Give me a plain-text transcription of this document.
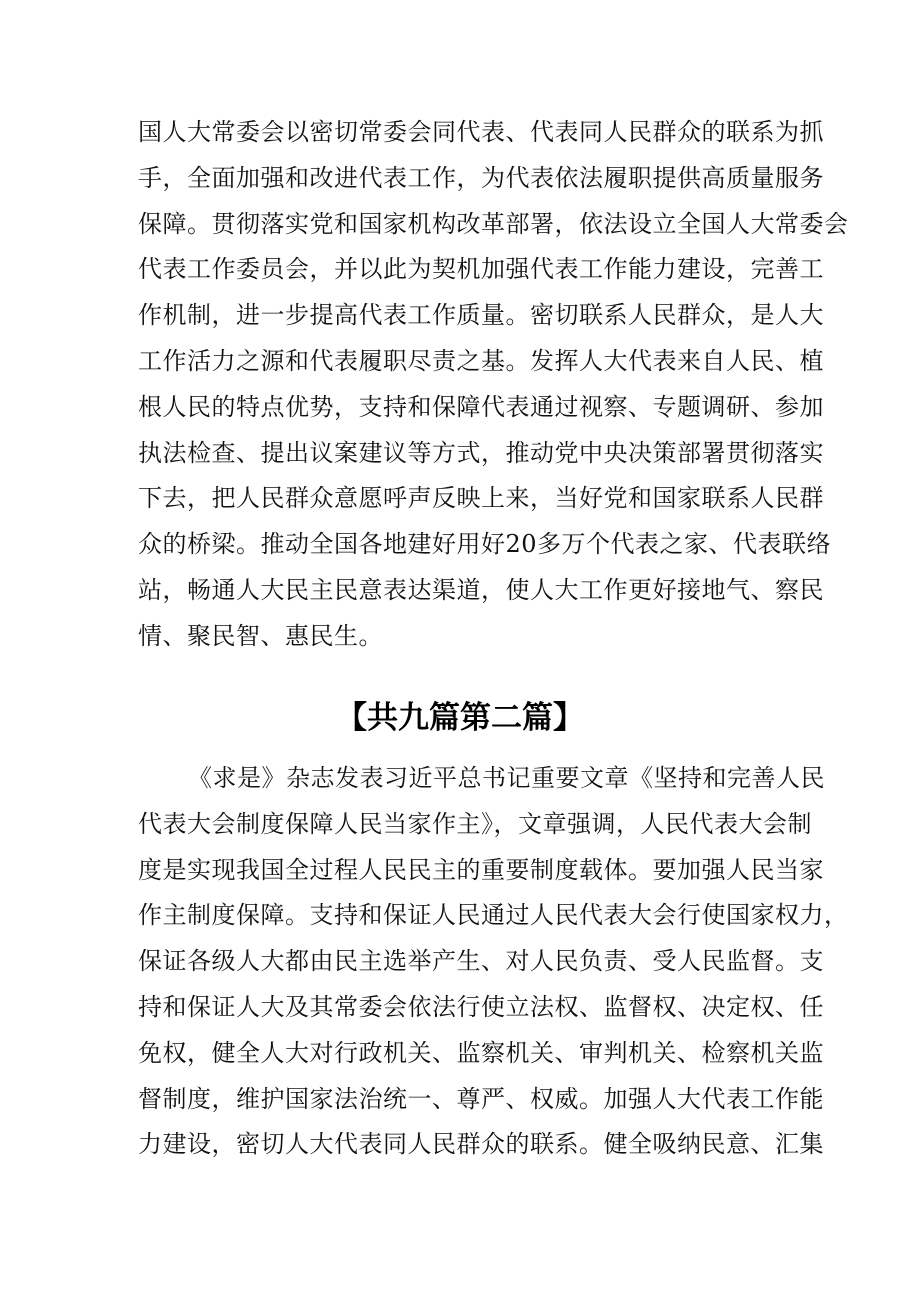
国人大常委会以密切常委会同代表、代表同人民群众的联系为抓
手，全面加强和改进代表工作，为代表依法履职提供高质量服务
保障。贯彻落实党和国家机构改革部署，依法设立全国人大常委会
代表工作委员会，并以此为契机加强代表工作能力建设，完善工
作机制，进一步提高代表工作质量。密切联系人民群众，是人大
工作活力之源和代表履职尽责之基。发挥人大代表来自人民、植
根人民的特点优势，支持和保障代表通过视察、专题调研、参加
执法检查、提出议案建议等方式，推动党中央决策部署贯彻落实
下去，把人民群众意愿呼声反映上来，当好党和国家联系人民群
众的桥梁。推动全国各地建好用好20多万个代表之家、代表联络
站，畅通人大民主民意表达渠道，使人大工作更好接地气、察民
情、聚民智、惠民生。
【共九篇第二篇】
《求是》杂志发表习近平总书记重要文章《坚持和完善人民
代表大会制度保障人民当家作主》，文章强调，人民代表大会制
度是实现我国全过程人民民主的重要制度载体。要加强人民当家
作主制度保障。支持和保证人民通过人民代表大会行使国家权力，
保证各级人大都由民主选举产生、对人民负责、受人民监督。支
持和保证人大及其常委会依法行使立法权、监督权、决定权、任
免权，健全人大对行政机关、监察机关、审判机关、检察机关监
督制度，维护国家法治统一、尊严、权威。加强人大代表工作能
力建设，密切人大代表同人民群众的联系。健全吸纳民意、汇集
